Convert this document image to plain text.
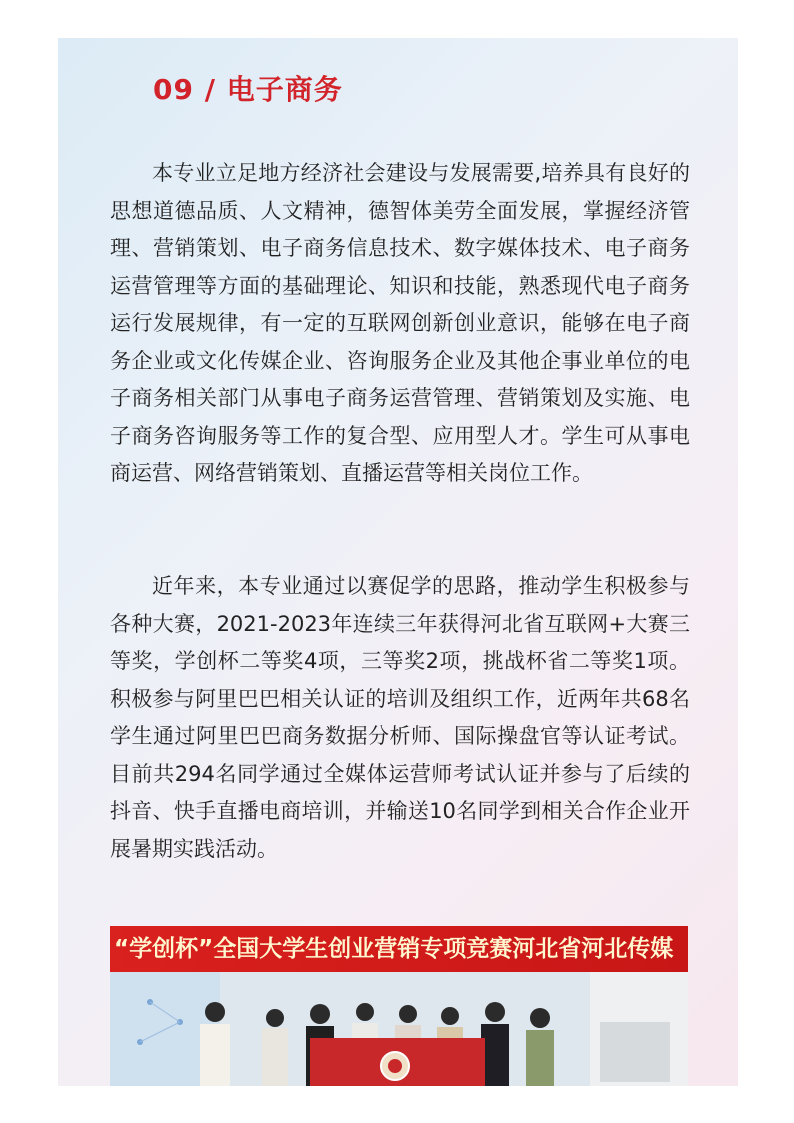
09 / 电子商务
本专业立足地方经济社会建设与发展需要,培养具有良好的思想道德品质、人文精神，德智体美劳全面发展，掌握经济管理、营销策划、电子商务信息技术、数字媒体技术、电子商务运营管理等方面的基础理论、知识和技能，熟悉现代电子商务运行发展规律，有一定的互联网创新创业意识，能够在电子商务企业或文化传媒企业、咨询服务企业及其他企事业单位的电子商务相关部门从事电子商务运营管理、营销策划及实施、电子商务咨询服务等工作的复合型、应用型人才。学生可从事电商运营、网络营销策划、直播运营等相关岗位工作。
近年来，本专业通过以赛促学的思路，推动学生积极参与各种大赛，2021-2023年连续三年获得河北省互联网+大赛三等奖，学创杯二等奖4项，三等奖2项，挑战杯省二等奖1项。积极参与阿里巴巴相关认证的培训及组织工作，近两年共68名学生通过阿里巴巴商务数据分析师、国际操盘官等认证考试。目前共294名同学通过全媒体运营师考试认证并参与了后续的抖音、快手直播电商培训，并输送10名同学到相关合作企业开展暑期实践活动。
“学创杯”全国大学生创业营销专项竞赛河北省河北传媒
